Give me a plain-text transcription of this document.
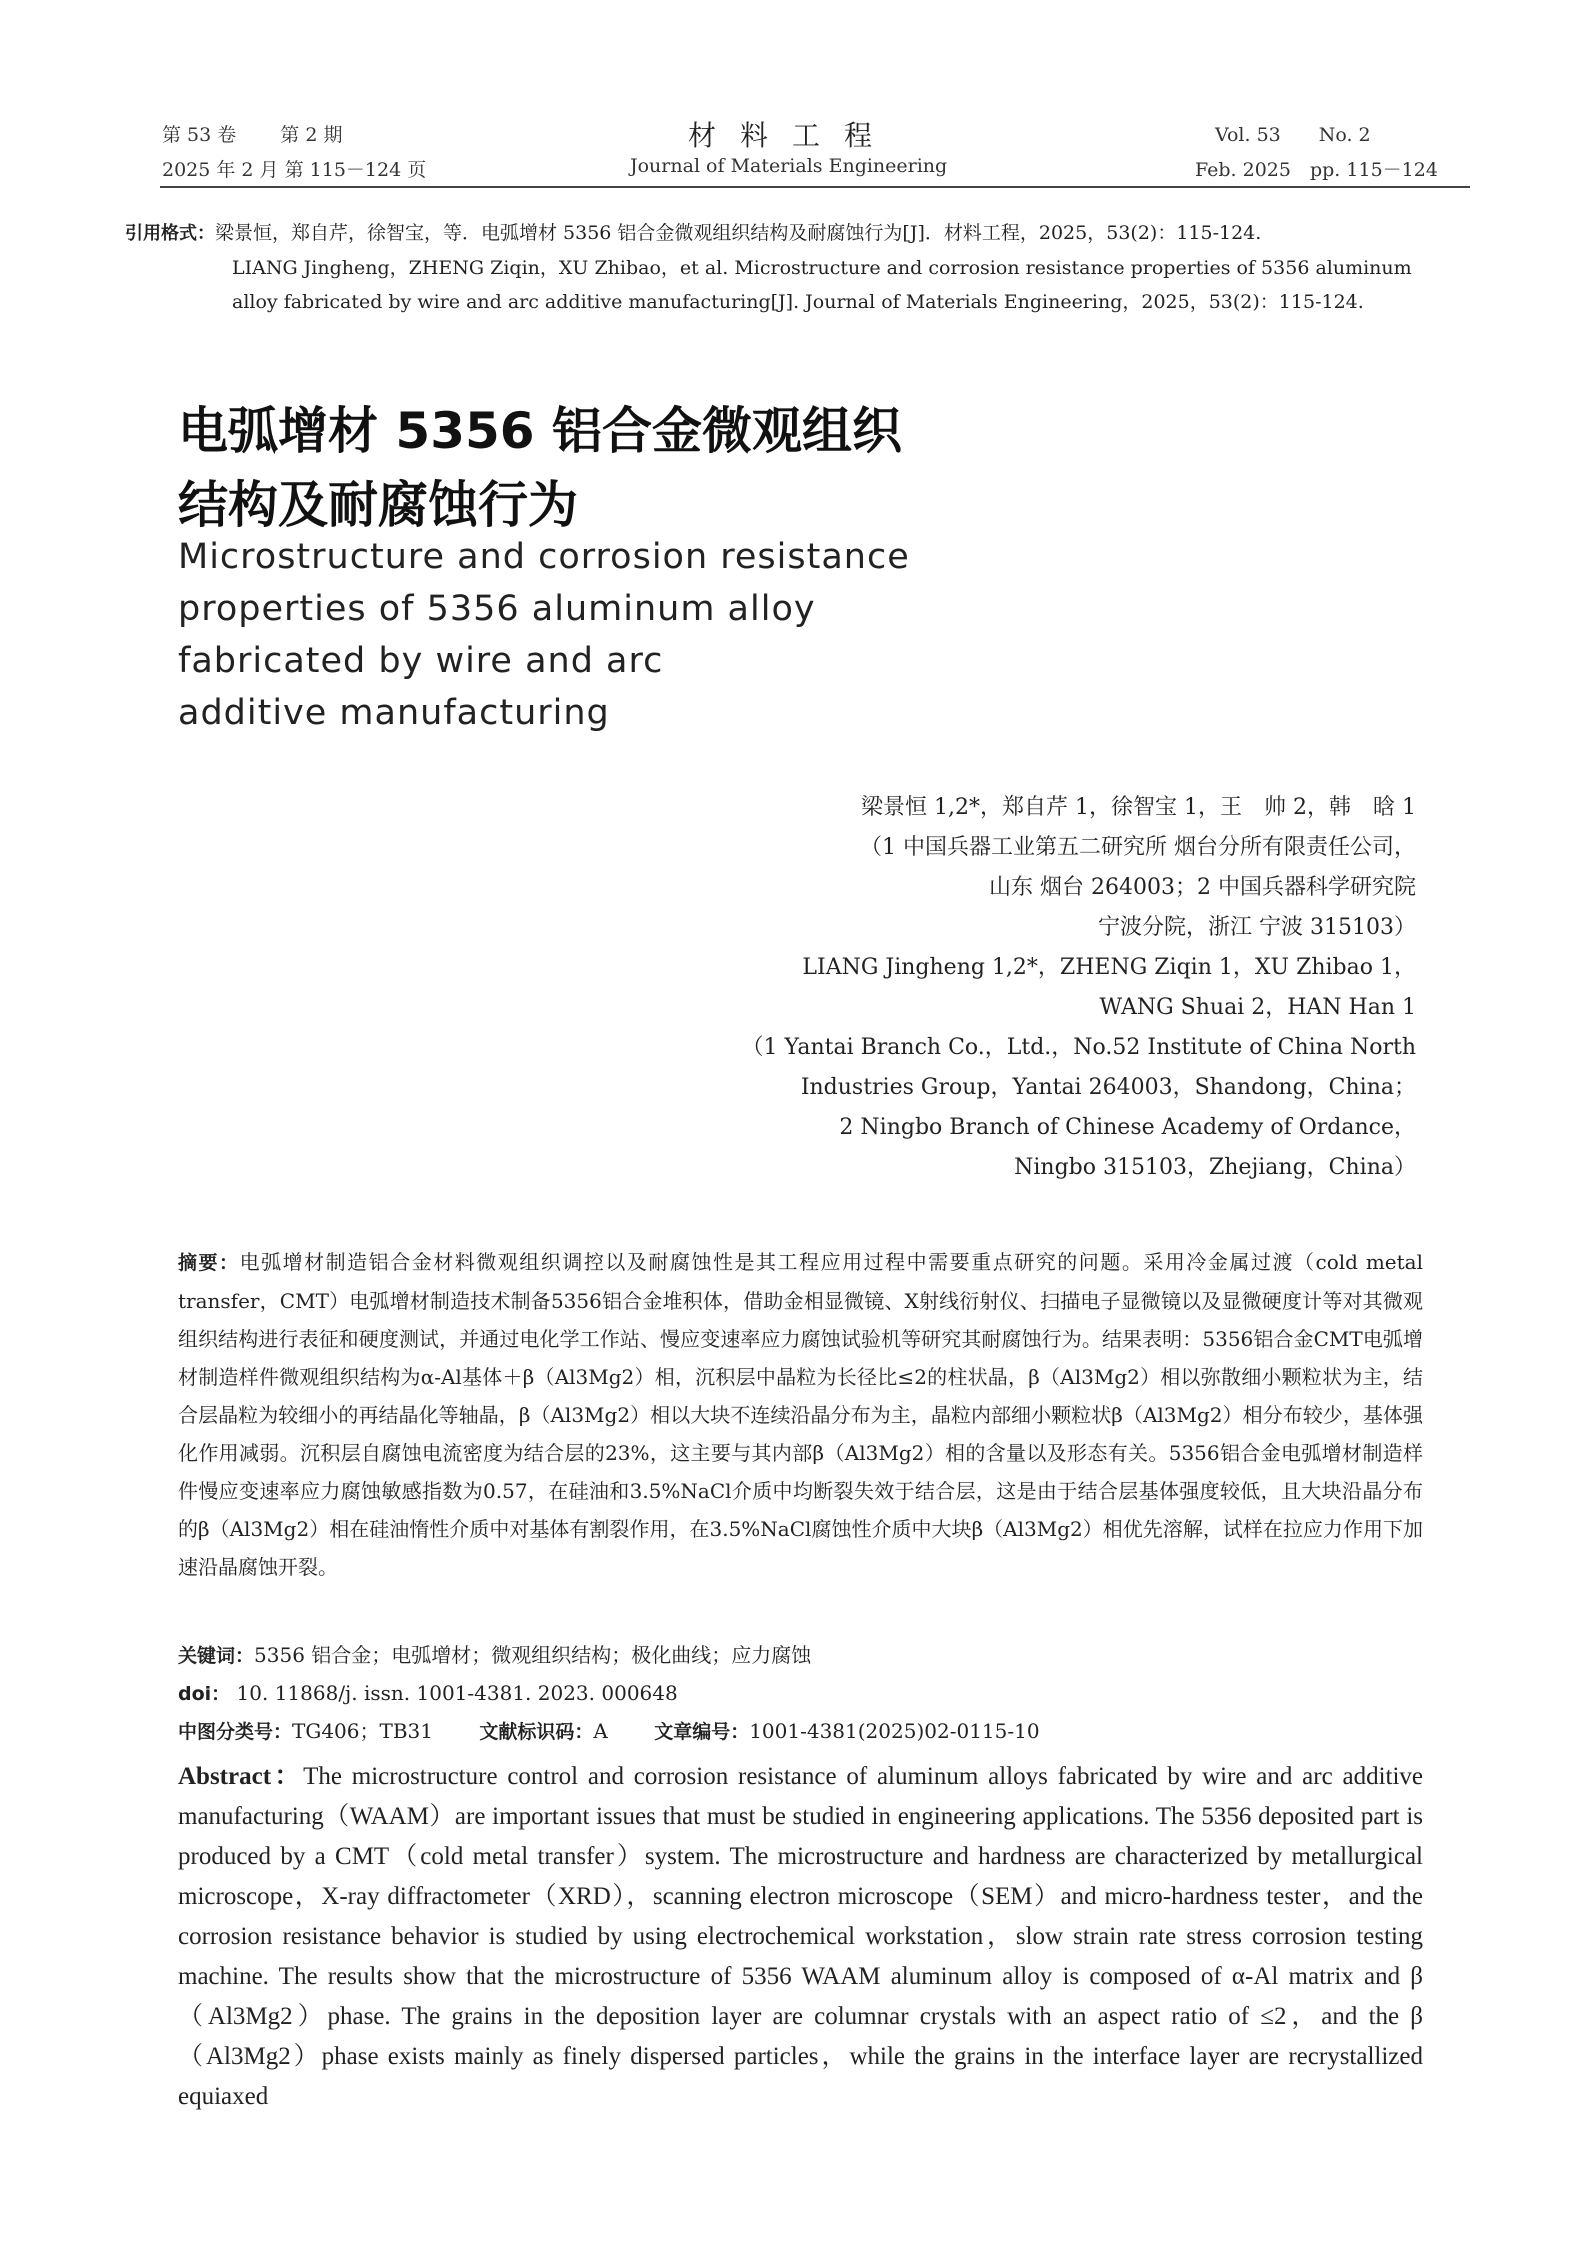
第 53 卷　　 第 2 期
2025 年 2 月 第 115－124 页
材料工程
Journal of Materials Engineering
Vol. 53　　No. 2
Feb. 2025　pp. 115－124
引用格式：梁景恒，郑自芹，徐智宝，等．电弧增材 5356 铝合金微观组织结构及耐腐蚀行为[J]．材料工程，2025，53(2)：115-124.
LIANG Jingheng，ZHENG Ziqin，XU Zhibao，et al. Microstructure and corrosion resistance properties of 5356 aluminum
alloy fabricated by wire and arc additive manufacturing[J]. Journal of Materials Engineering，2025，53(2)：115-124.
电弧增材 5356 铝合金微观组织
结构及耐腐蚀行为
Microstructure and corrosion resistance
properties of 5356 aluminum alloy
fabricated by wire and arc
additive manufacturing
梁景恒 1,2*，郑自芹 1，徐智宝 1，王　帅 2，韩　晗 1
（1 中国兵器工业第五二研究所 烟台分所有限责任公司，
山东 烟台 264003；2 中国兵器科学研究院
宁波分院，浙江 宁波 315103）
LIANG Jingheng 1,2*，ZHENG Ziqin 1，XU Zhibao 1，
WANG Shuai 2，HAN Han 1
（1 Yantai Branch Co.，Ltd.，No.52 Institute of China North
Industries Group，Yantai 264003，Shandong，China；
2 Ningbo Branch of Chinese Academy of Ordance，
Ningbo 315103，Zhejiang，China）
摘要：电弧增材制造铝合金材料微观组织调控以及耐腐蚀性是其工程应用过程中需要重点研究的问题。采用冷金属过渡（cold metal transfer，CMT）电弧增材制造技术制备5356铝合金堆积体，借助金相显微镜、X射线衍射仪、扫描电子显微镜以及显微硬度计等对其微观组织结构进行表征和硬度测试，并通过电化学工作站、慢应变速率应力腐蚀试验机等研究其耐腐蚀行为。结果表明：5356铝合金CMT电弧增材制造样件微观组织结构为α-Al基体＋β（Al3Mg2）相，沉积层中晶粒为长径比≤2的柱状晶，β（Al3Mg2）相以弥散细小颗粒状为主，结合层晶粒为较细小的再结晶化等轴晶，β（Al3Mg2）相以大块不连续沿晶分布为主，晶粒内部细小颗粒状β（Al3Mg2）相分布较少，基体强化作用减弱。沉积层自腐蚀电流密度为结合层的23%，这主要与其内部β（Al3Mg2）相的含量以及形态有关。5356铝合金电弧增材制造样件慢应变速率应力腐蚀敏感指数为0.57，在硅油和3.5%NaCl介质中均断裂失效于结合层，这是由于结合层基体强度较低，且大块沿晶分布的β（Al3Mg2）相在硅油惰性介质中对基体有割裂作用，在3.5%NaCl腐蚀性介质中大块β（Al3Mg2）相优先溶解，试样在拉应力作用下加速沿晶腐蚀开裂。
关键词：5356 铝合金；电弧增材；微观组织结构；极化曲线；应力腐蚀
doi： 10. 11868/j. issn. 1001-4381. 2023. 000648
中图分类号：TG406；TB31 文献标识码：A 文章编号：1001-4381(2025)02-0115-10
Abstract：The microstructure control and corrosion resistance of aluminum alloys fabricated by wire and arc additive manufacturing（WAAM）are important issues that must be studied in engineering applications. The 5356 deposited part is produced by a CMT（cold metal transfer）system. The microstructure and hardness are characterized by metallurgical microscope，X-ray diffractometer（XRD），scanning electron microscope（SEM）and micro-hardness tester，and the corrosion resistance behavior is studied by using electrochemical workstation，slow strain rate stress corrosion testing machine. The results show that the microstructure of 5356 WAAM aluminum alloy is composed of α-Al matrix and β（Al3Mg2）phase. The grains in the deposition layer are columnar crystals with an aspect ratio of ≤2，and the β（Al3Mg2）phase exists mainly as finely dispersed particles，while the grains in the interface layer are recrystallized equiaxed
